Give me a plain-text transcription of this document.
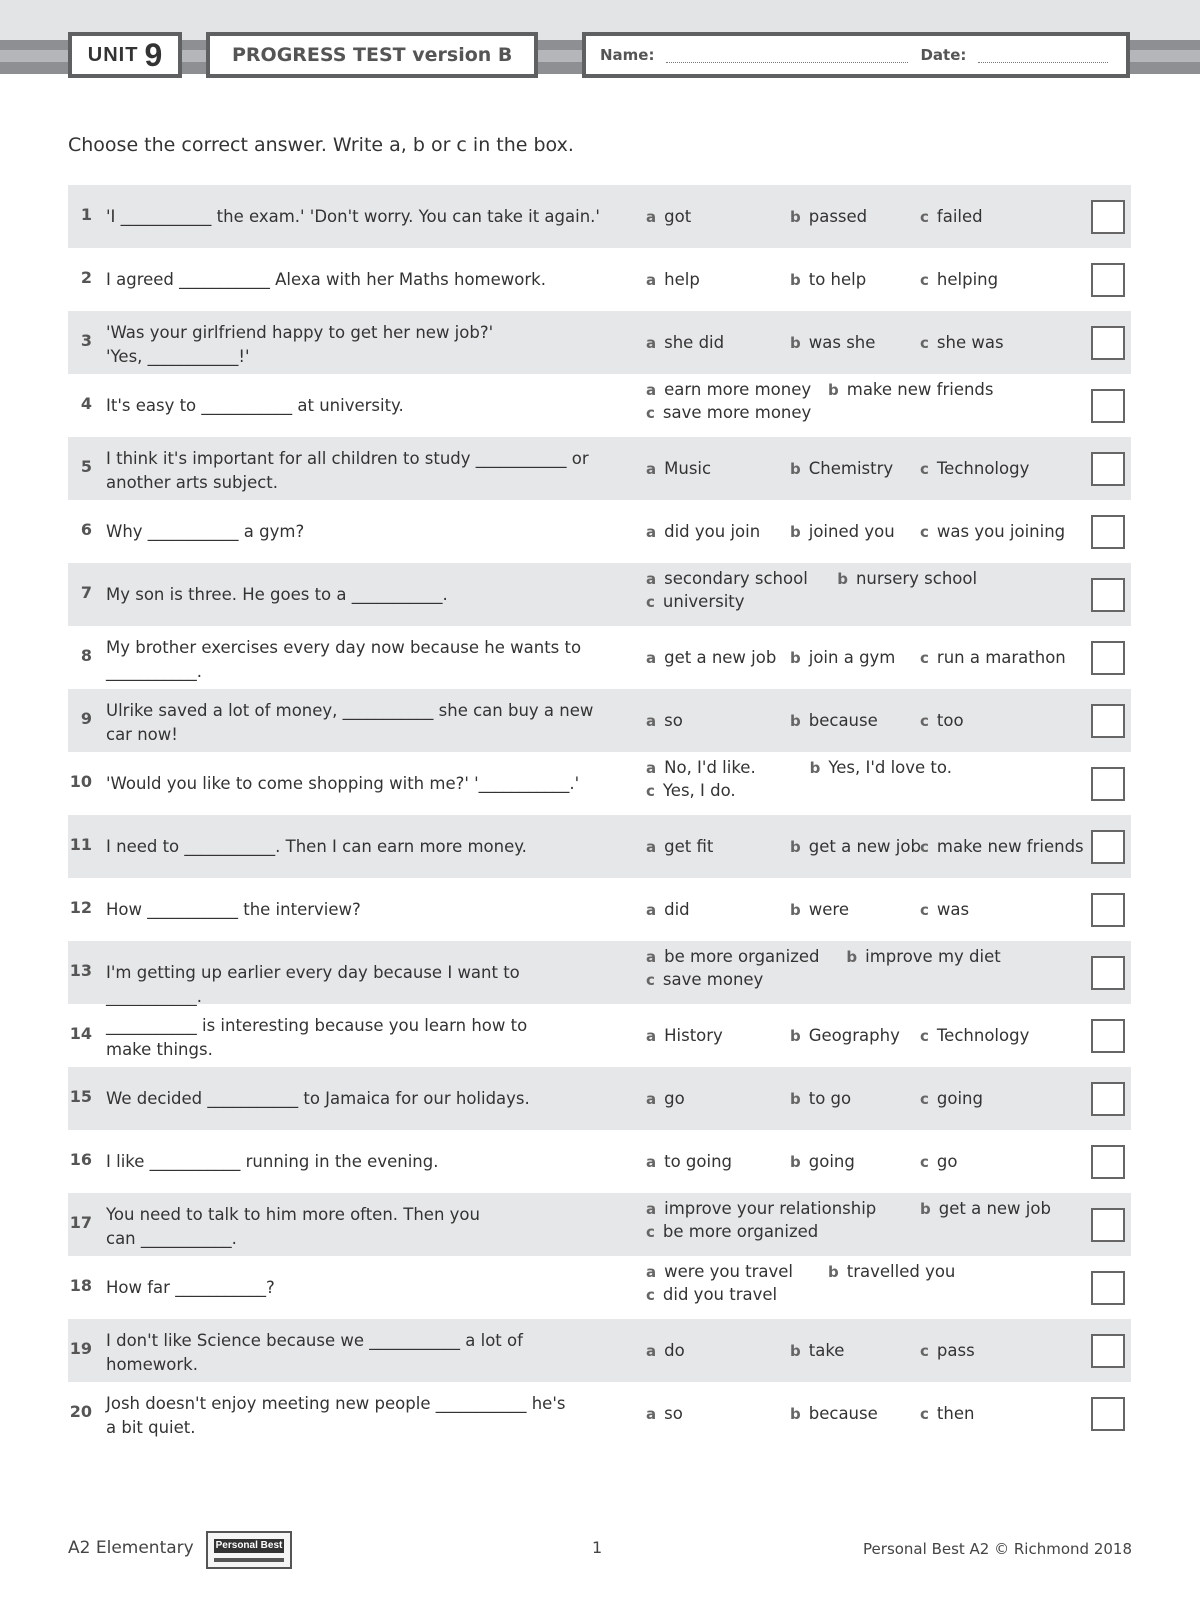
UNIT 9	PROGRESS TEST version B	Name:	Date:
Choose the correct answer. Write a, b or c in the box.
1 'I ___________ the exam.' 'Don't worry. You can take it again.'	a got	b passed	c failed
2 I agreed ___________ Alexa with her Maths homework.	a help	b to help	c helping
3 'Was your girlfriend happy to get her new job?'
'Yes, ___________!'
a she did	b was she	c she was
4 It's easy to ___________ at university.
a earn more money b make new friends
c save more money
5 I think it's important for all children to study ___________ or
another arts subject.
a Music	b Chemistry c Technology
6 Why ___________ a gym?	a did you join b joined you c was you joining
7 My son is three. He goes to a ___________.
a secondary school b nursery school
c university
8 My brother exercises every day now because he wants to
___________.
a get a new job b join a gym c run a marathon
9 Ulrike saved a lot of money, ___________ she can buy a new
car now!
a so	b because	c too
10 'Would you like to come shopping with me?' '___________.'
a No, I'd like.	b Yes, I'd love to.
c Yes, I do.
11 I need to ___________. Then I can earn more money.	a get fit	b get a new job c make new friends
12 How ___________ the interview?	a did	b were	c was
13 I'm getting up earlier every day because I want to ___________.
a be more organized b improve my diet
c save money
14 ___________ is interesting because you learn how to
make things.
a History	b Geography c Technology
15 We decided ___________ to Jamaica for our holidays.	a go	b to go	c going
16 I like ___________ running in the evening.	a to going	b going	c go
17 You need to talk to him more often. Then you
can ___________.
a improve your relationship	b get a new job
c be more organized
18 How far ___________?
a were you travel b travelled you
c did you travel
19 I don't like Science because we ___________ a lot of
homework.
a do	b take	c pass
20 Josh doesn't enjoy meeting new people ___________ he's
a bit quiet.
a so	b because	c then
A2 Elementary Personal Best	1	Personal Best A2 © Richmond 2018
